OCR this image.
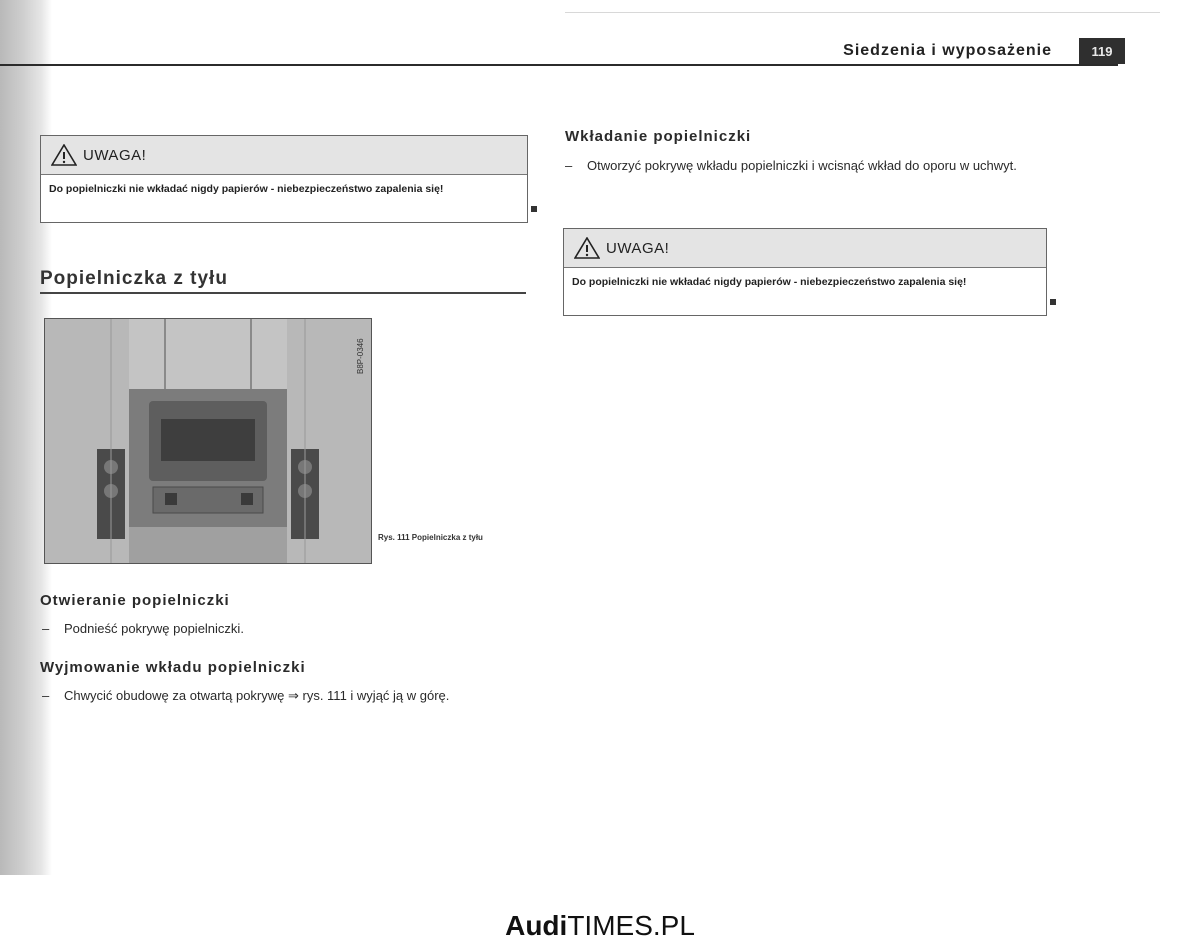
Siedzenia i wyposażenie	119
UWAGA!
Do popielniczki nie wkładać nigdy papierów - niebezpieczeństwo zapalenia się!
Popielniczka z tyłu
B8P-0346
Rys. 111 Popielniczka z tyłu
Otwieranie popielniczki
– Podnieść pokrywę popielniczki.
Wyjmowanie wkładu popielniczki
– Chwycić obudowę za otwartą pokrywę ⇒ rys. 111 i wyjąć ją w górę.
Wkładanie popielniczki
– Otworzyć pokrywę wkładu popielniczki i wcisnąć wkład do oporu w uchwyt.
UWAGA!
Do popielniczki nie wkładać nigdy papierów - niebezpieczeństwo zapalenia się!
AudiTIMES.PL
